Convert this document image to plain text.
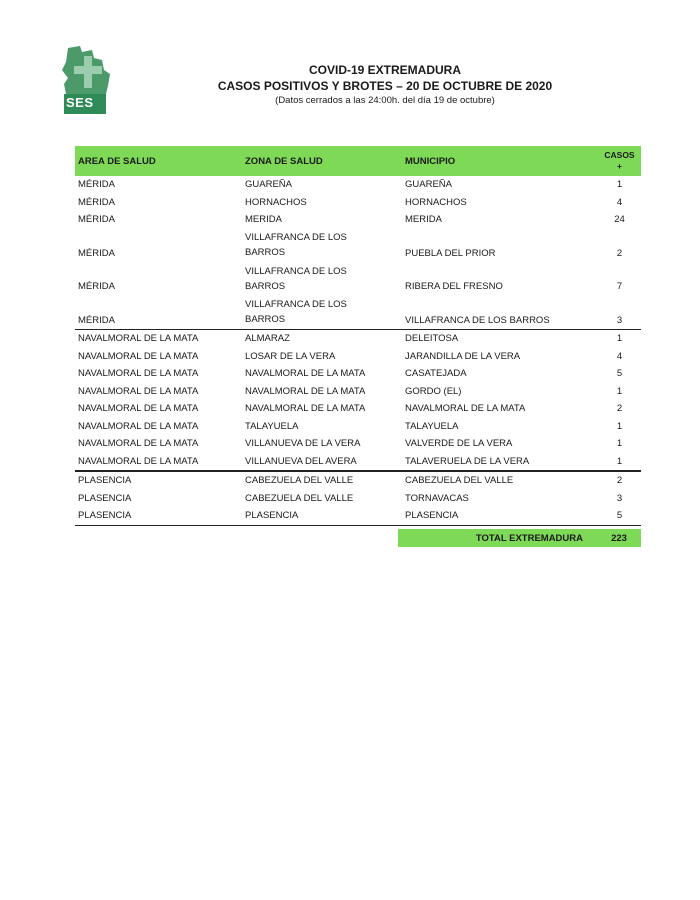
SES
COVID-19 EXTREMADURA
CASOS POSITIVOS Y BROTES – 20 DE OCTUBRE DE 2020
(Datos cerrados a las 24:00h. del día 19 de octubre)
AREA DE SALUD	ZONA DE SALUD	MUNICIPIO	CASOS
+
MÉRIDA	GUAREÑA	GUAREÑA	1
MÉRIDA	HORNACHOS	HORNACHOS	4
MÉRIDA	MERIDA	MERIDA	24
MÉRIDA	VILLAFRANCA DE LOS
BARROS	PUEBLA DEL PRIOR	2
MÉRIDA	VILLAFRANCA DE LOS
BARROS	RIBERA DEL FRESNO	7
MÉRIDA	VILLAFRANCA DE LOS
BARROS	VILLAFRANCA DE LOS BARROS	3
NAVALMORAL DE LA MATA	ALMARAZ	DELEITOSA	1
NAVALMORAL DE LA MATA	LOSAR DE LA VERA	JARANDILLA DE LA VERA	4
NAVALMORAL DE LA MATA	NAVALMORAL DE LA MATA	CASATEJADA	5
NAVALMORAL DE LA MATA	NAVALMORAL DE LA MATA	GORDO (EL)	1
NAVALMORAL DE LA MATA	NAVALMORAL DE LA MATA	NAVALMORAL DE LA MATA	2
NAVALMORAL DE LA MATA	TALAYUELA	TALAYUELA	1
NAVALMORAL DE LA MATA	VILLANUEVA DE LA VERA	VALVERDE DE LA VERA	1
NAVALMORAL DE LA MATA	VILLANUEVA DEL AVERA	TALAVERUELA DE LA VERA	1
PLASENCIA	CABEZUELA DEL VALLE	CABEZUELA DEL VALLE	2
PLASENCIA	CABEZUELA DEL VALLE	TORNAVACAS	3
PLASENCIA	PLASENCIA	PLASENCIA	5
TOTAL EXTREMADURA	223
